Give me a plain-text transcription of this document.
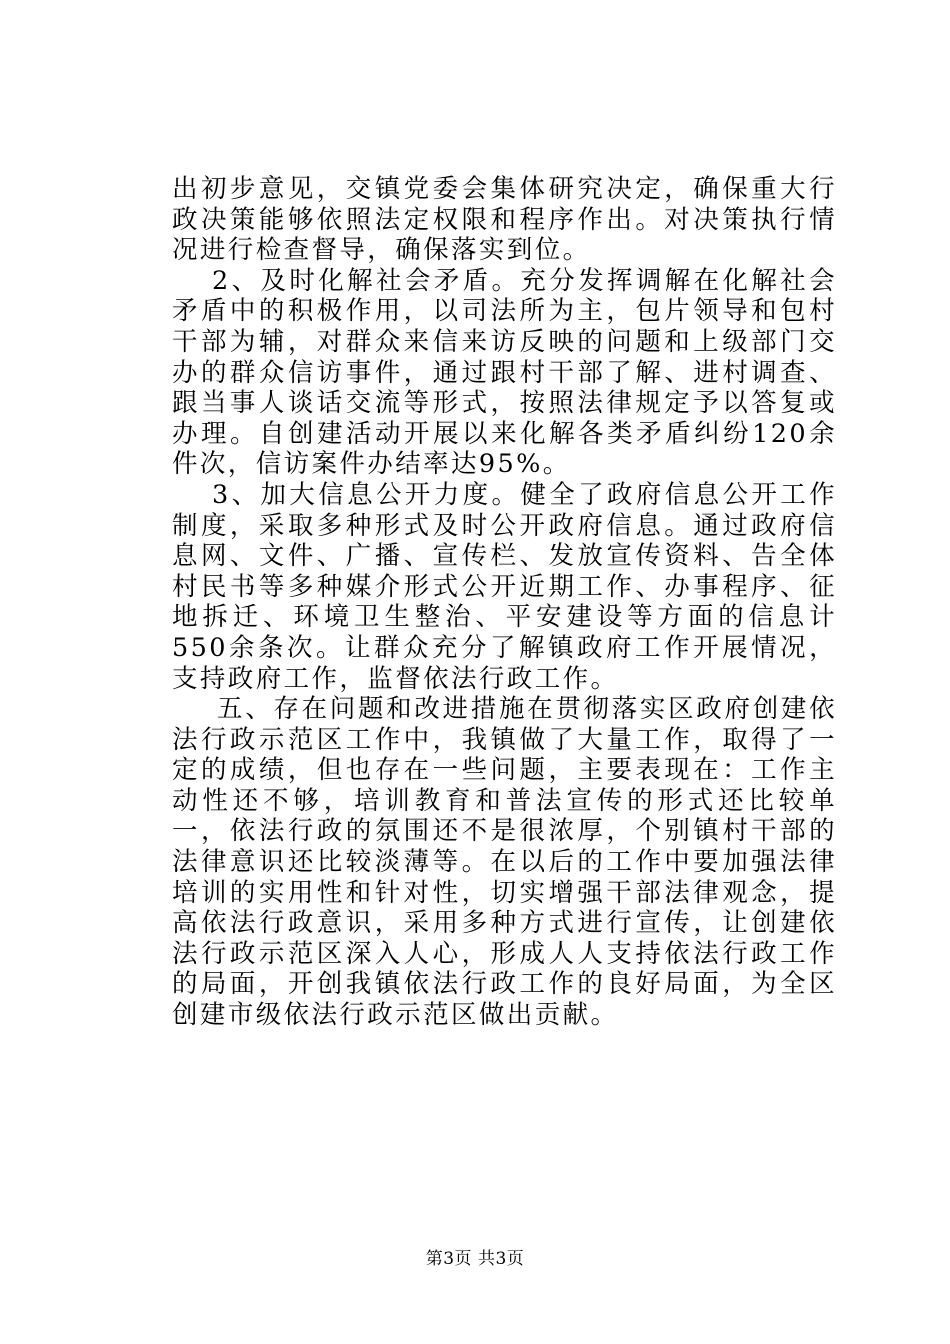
出初步意见，交镇党委会集体研究决定，确保重大行政决策能够依照法定权限和程序作出。对决策执行情况进行检查督导，确保落实到位。

2、及时化解社会矛盾。充分发挥调解在化解社会矛盾中的积极作用，以司法所为主，包片领导和包村干部为辅，对群众来信来访反映的问题和上级部门交办的群众信访事件，通过跟村干部了解、进村调查、跟当事人谈话交流等形式，按照法律规定予以答复或办理。自创建活动开展以来化解各类矛盾纠纷120余件次，信访案件办结率达95%。

3、加大信息公开力度。健全了政府信息公开工作制度，采取多种形式及时公开政府信息。通过政府信息网、文件、广播、宣传栏、发放宣传资料、告全体村民书等多种媒介形式公开近期工作、办事程序、征地拆迁、环境卫生整治、平安建设等方面的信息计550余条次。让群众充分了解镇政府工作开展情况，支持政府工作，监督依法行政工作。

五、存在问题和改进措施在贯彻落实区政府创建依法行政示范区工作中，我镇做了大量工作，取得了一定的成绩，但也存在一些问题，主要表现在：工作主动性还不够，培训教育和普法宣传的形式还比较单一，依法行政的氛围还不是很浓厚，个别镇村干部的法律意识还比较淡薄等。在以后的工作中要加强法律培训的实用性和针对性，切实增强干部法律观念，提高依法行政意识，采用多种方式进行宣传，让创建依法行政示范区深入人心，形成人人支持依法行政工作的局面，开创我镇依法行政工作的良好局面，为全区创建市级依法行政示范区做出贡献。

第3页 共3页
